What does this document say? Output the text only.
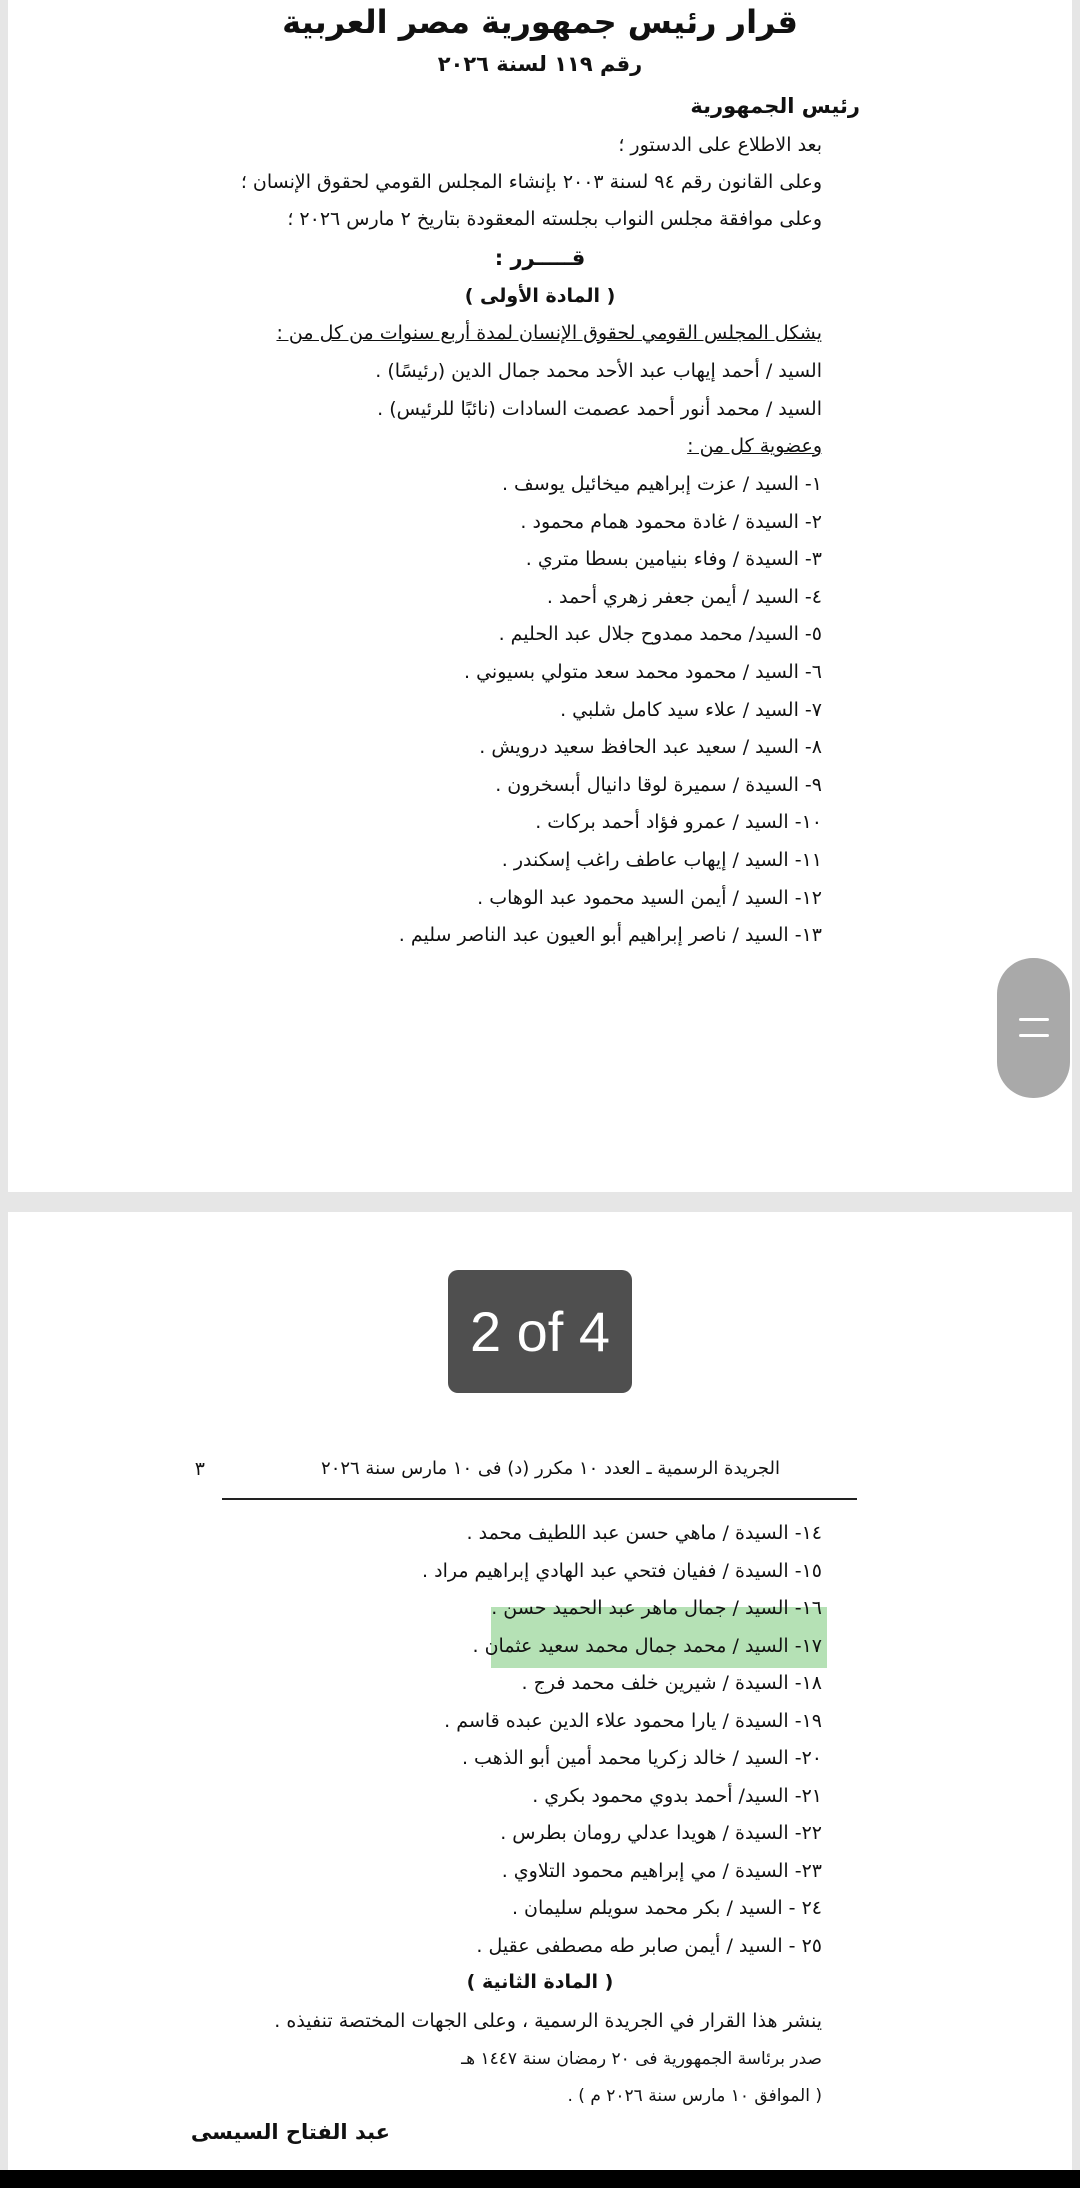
قرار رئيس جمهورية مصر العربية
رقم ١١٩ لسنة ٢٠٢٦
رئيس الجمهورية
بعد الاطلاع على الدستور ؛
وعلى القانون رقم ٩٤ لسنة ٢٠٠٣ بإنشاء المجلس القومي لحقوق الإنسان ؛
وعلى موافقة مجلس النواب بجلسته المعقودة بتاريخ ٢ مارس ٢٠٢٦ ؛
قـــــرر :
( المادة الأولى )
يشكل المجلس القومي لحقوق الإنسان لمدة أربع سنوات من كل من :
السيد / أحمد إيهاب عبد الأحد محمد جمال الدين (رئيسًا) .
السيد / محمد أنور أحمد عصمت السادات (نائبًا للرئيس) .
وعضوية كل من :
١- السيد / عزت إبراهيم ميخائيل يوسف .
٢- السيدة / غادة محمود همام محمود .
٣- السيدة / وفاء بنيامين بسطا متري .
٤- السيد / أيمن جعفر زهري أحمد .
٥- السيد/ محمد ممدوح جلال عبد الحليم .
٦- السيد / محمود محمد سعد متولي بسيوني .
٧- السيد / علاء سيد كامل شلبي .
٨- السيد / سعيد عبد الحافظ سعيد درويش .
٩- السيدة / سميرة لوقا دانيال أبسخرون .
١٠- السيد / عمرو فؤاد أحمد بركات .
١١- السيد / إيهاب عاطف راغب إسكندر .
١٢- السيد / أيمن السيد محمود عبد الوهاب .
١٣- السيد / ناصر إبراهيم أبو العيون عبد الناصر سليم .
الجريدة الرسمية ـ العدد ١٠ مكرر (د) فى ١٠ مارس سنة ٢٠٢٦
٣
١٤- السيدة / ماهي حسن عبد اللطيف محمد .
١٥- السيدة / ففيان فتحي عبد الهادي إبراهيم مراد .
١٦- السيد / جمال ماهر عبد الحميد حسن .
١٧- السيد / محمد جمال محمد سعيد عثمان .
١٨- السيدة / شيرين خلف محمد فرج .
١٩- السيدة / يارا محمود علاء الدين عبده قاسم .
٢٠- السيد / خالد زكريا محمد أمين أبو الذهب .
٢١- السيد/ أحمد بدوي محمود بكري .
٢٢- السيدة / هويدا عدلي رومان بطرس .
٢٣- السيدة / مي إبراهيم محمود التلاوي .
٢٤ - السيد / بكر محمد سويلم سليمان .
٢٥ - السيد / أيمن صابر طه مصطفى عقيل .
( المادة الثانية )
ينشر هذا القرار في الجريدة الرسمية ، وعلى الجهات المختصة تنفيذه .
صدر برئاسة الجمهورية فى ٢٠ رمضان سنة ١٤٤٧ هـ
( الموافق ١٠ مارس سنة ٢٠٢٦ م ) .
عبد الفتاح السيسى
2 of 4
